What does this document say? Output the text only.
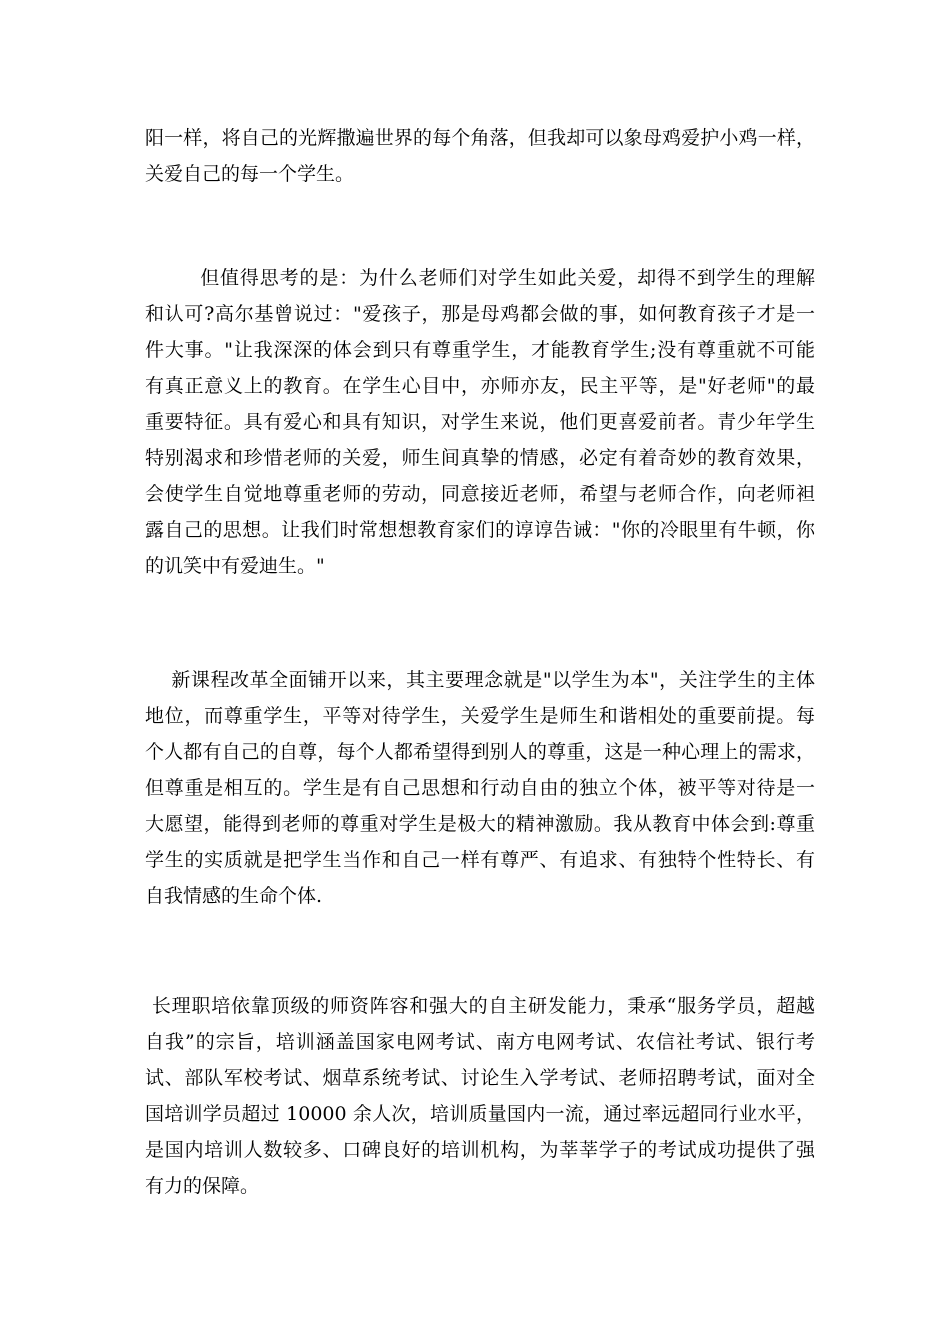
阳一样，将自己的光辉撒遍世界的每个角落，但我却可以象母鸡爱护小鸡一样，
关爱自己的每一个学生。
但值得思考的是：为什么老师们对学生如此关爱，却得不到学生的理解
和认可?高尔基曾说过："爱孩子，那是母鸡都会做的事，如何教育孩子才是一
件大事。"让我深深的体会到只有尊重学生，才能教育学生;没有尊重就不可能
有真正意义上的教育。在学生心目中，亦师亦友，民主平等，是"好老师"的最
重要特征。具有爱心和具有知识，对学生来说，他们更喜爱前者。青少年学生
特别渴求和珍惜老师的关爱，师生间真挚的情感，必定有着奇妙的教育效果，
会使学生自觉地尊重老师的劳动，同意接近老师，希望与老师合作，向老师袒
露自己的思想。让我们时常想想教育家们的谆谆告诫："你的冷眼里有牛顿，你
的讥笑中有爱迪生。"
新课程改革全面铺开以来，其主要理念就是"以学生为本"，关注学生的主体
地位，而尊重学生，平等对待学生，关爱学生是师生和谐相处的重要前提。每
个人都有自己的自尊，每个人都希望得到别人的尊重，这是一种心理上的需求，
但尊重是相互的。学生是有自己思想和行动自由的独立个体，被平等对待是一
大愿望，能得到老师的尊重对学生是极大的精神激励。我从教育中体会到:尊重
学生的实质就是把学生当作和自己一样有尊严、有追求、有独特个性特长、有
自我情感的生命个体.
长理职培依靠顶级的师资阵容和强大的自主研发能力，秉承“服务学员，超越
自我”的宗旨，培训涵盖国家电网考试、南方电网考试、农信社考试、银行考
试、部队军校考试、烟草系统考试、讨论生入学考试、老师招聘考试，面对全
国培训学员超过 10000 余人次，培训质量国内一流，通过率远超同行业水平，
是国内培训人数较多、口碑良好的培训机构，为莘莘学子的考试成功提供了强
有力的保障。
